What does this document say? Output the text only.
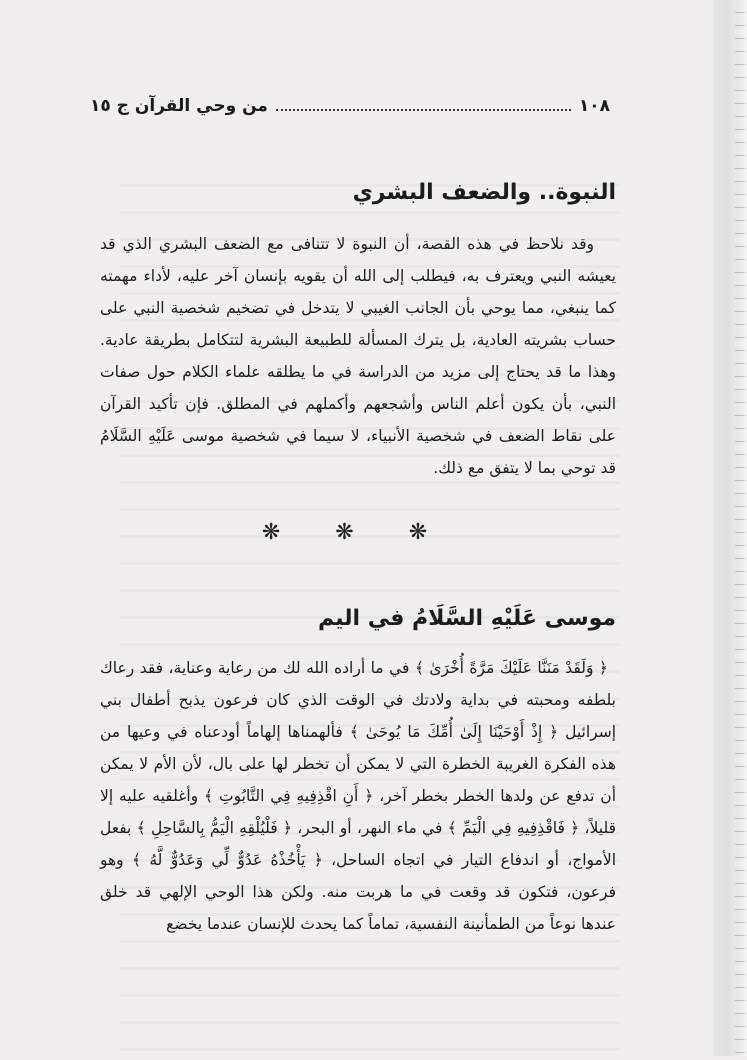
١٠٨
من وحي القرآن ج ١٥
النبوة.. والضعف البشري

وقد نلاحظ في هذه القصة، أن النبوة لا تتنافى مع الضعف البشري الذي قد يعيشه النبي ويعترف به، فيطلب إلى الله أن يقويه بإنسان آخر عليه، لأداء مهمته كما ينبغي، مما يوحي بأن الجانب الغيبي لا يتدخل في تضخيم شخصية النبي على حساب بشريته العادية، بل يترك المسألة للطبيعة البشرية لتتكامل بطريقة عادية. وهذا ما قد يحتاج إلى مزيد من الدراسة في ما يطلقه علماء الكلام حول صفات النبي، بأن يكون أعلم الناس وأشجعهم وأكملهم في المطلق. فإن تأكيد القرآن على نقاط الضعف في شخصية الأنبياء، لا سيما في شخصية موسى عَلَيْهِ السَّلَامُ قد توحي بما لا يتفق مع ذلك.

❋ ❋ ❋
موسى عَلَيْهِ السَّلَامُ في اليم

﴿ وَلَقَدْ مَنَنَّا عَلَيْكَ مَرَّةً أُخْرَىٰ ﴾ في ما أراده الله لك من رعاية وعناية، فقد رعاك بلطفه ومحبته في بداية ولادتك في الوقت الذي كان فرعون يذبح أطفال بني إسرائيل ﴿ إِذْ أَوْحَيْنَا إِلَىٰ أُمِّكَ مَا يُوحَىٰ ﴾ فألهمناها إلهاماً أودعناه في وعيها من هذه الفكرة الغريبة الخطرة التي لا يمكن أن تخطر لها على بال، لأن الأم لا يمكن أن تدفع عن ولدها الخطر بخطر آخر، ﴿ أَنِ اقْذِفِيهِ فِي التَّابُوتِ ﴾ وأغلقيه عليه إلا قليلاً، ﴿ فَاقْذِفِيهِ فِي الْيَمِّ ﴾ في ماء النهر، أو البحر، ﴿ فَلْيُلْقِهِ الْيَمُّ بِالسَّاحِلِ ﴾ بفعل الأمواج، أو اندفاع التيار في اتجاه الساحل، ﴿ يَأْخُذْهُ عَدُوٌّ لِّي وَعَدُوٌّ لَّهُ ﴾ وهو فرعون، فتكون قد وقعت في ما هربت منه. ولكن هذا الوحي الإلهي قد خلق عندها نوعاً من الطمأنينة النفسية، تماماً كما يحدث للإنسان عندما يخضع
